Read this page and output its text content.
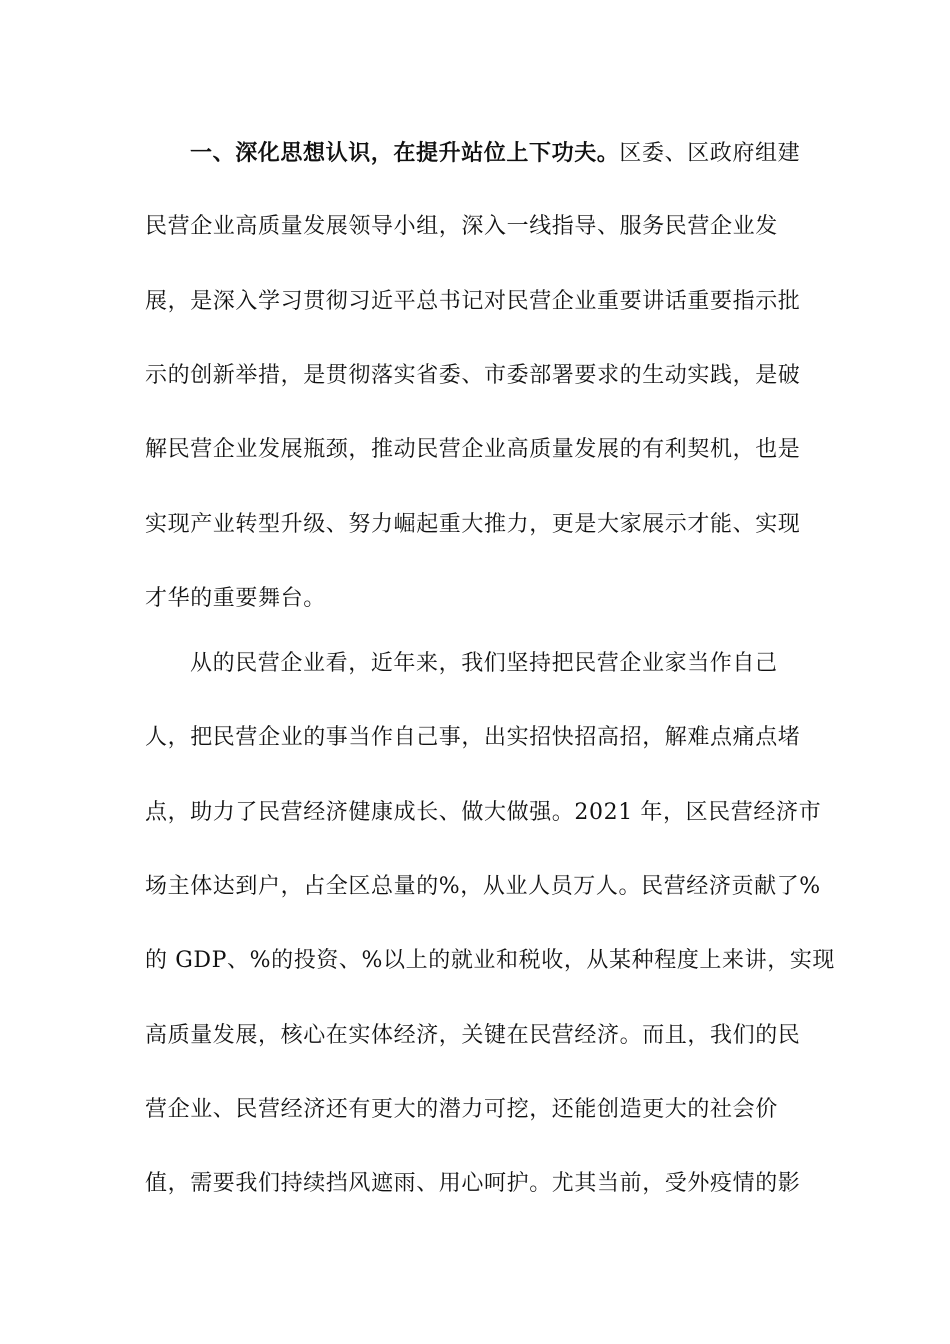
一、深化思想认识，在提升站位上下功夫。区委、区政府组建
民营企业高质量发展领导小组，深入一线指导、服务民营企业发
展，是深入学习贯彻习近平总书记对民营企业重要讲话重要指示批
示的创新举措，是贯彻落实省委、市委部署要求的生动实践，是破
解民营企业发展瓶颈，推动民营企业高质量发展的有利契机，也是
实现产业转型升级、努力崛起重大推力，更是大家展示才能、实现
才华的重要舞台。
从的民营企业看，近年来，我们坚持把民营企业家当作自己
人，把民营企业的事当作自己事，出实招快招高招，解难点痛点堵
点，助力了民营经济健康成长、做大做强。2021 年，区民营经济市
场主体达到户，占全区总量的%，从业人员万人。民营经济贡献了%
的 GDP、%的投资、%以上的就业和税收，从某种程度上来讲，实现
高质量发展，核心在实体经济，关键在民营经济。而且，我们的民
营企业、民营经济还有更大的潜力可挖，还能创造更大的社会价
值，需要我们持续挡风遮雨、用心呵护。尤其当前，受外疫情的影
